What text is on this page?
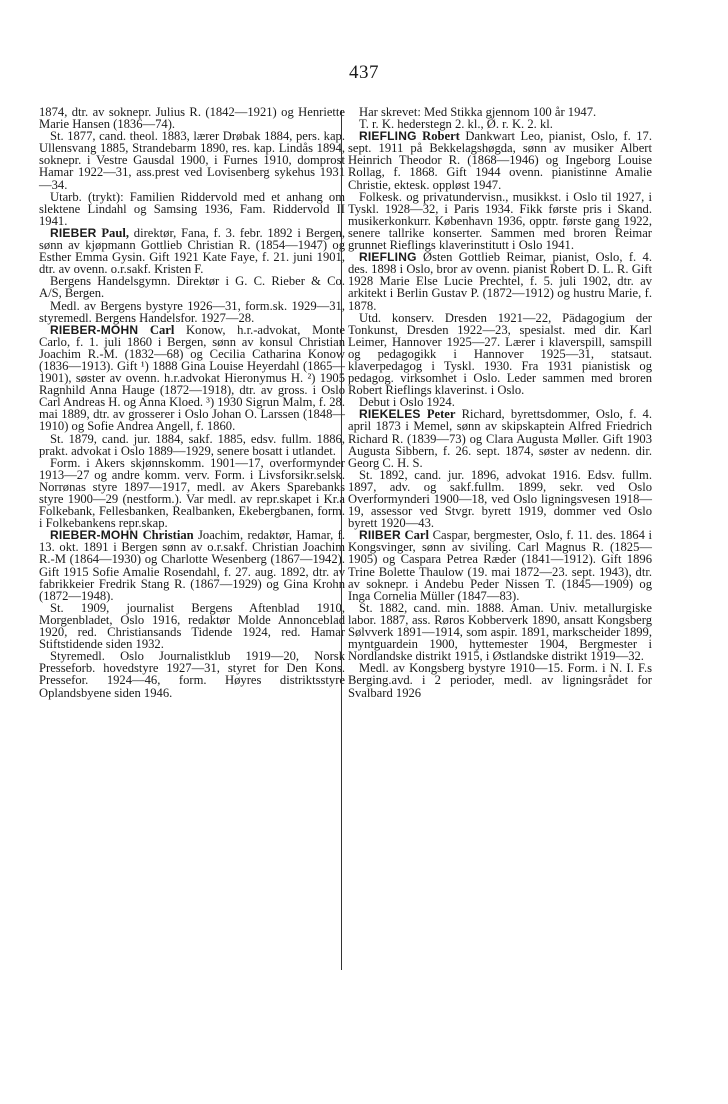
437

1874, dtr. av soknepr. Julius R. (1842—1921) og Henriette Marie Hansen (1836—74).

St. 1877, cand. theol. 1883, lærer Drøbak 1884, pers. kap. Ullensvang 1885, Strandebarm 1890, res. kap. Lindås 1894, soknepr. i Vestre Gausdal 1900, i Furnes 1910, domprost Hamar 1922—31, ass.prest ved Lovisenberg sykehus 1931—34.

Utarb. (trykt): Familien Riddervold med et anhang om slektene Lindahl og Samsing 1936, Fam. Riddervold II 1941.

RIEBER Paul, direktør, Fana, f. 3. febr. 1892 i Bergen, sønn av kjøpmann Gottlieb Christian R. (1854—1947) og Esther Emma Gysin. Gift 1921 Kate Faye, f. 21. juni 1901, dtr. av ovenn. o.r.sakf. Kristen F.

Bergens Handelsgymn. Direktør i G. C. Rieber & Co. A/S, Bergen.

Medl. av Bergens bystyre 1926—31, form.sk. 1929—31, styremedl. Bergens Handelsfor. 1927—28.

RIEBER-MOHN Carl Konow, h.r.-advokat, Monte Carlo, f. 1. juli 1860 i Bergen, sønn av konsul Christian Joachim R.-M. (1832—68) og Cecilia Catharina Konow (1836—1913). Gift ¹) 1888 Gina Louise Heyerdahl (1865—1901), søster av ovenn. h.r.advokat Hieronymus H. ²) 1905 Ragnhild Anna Hauge (1872—1918), dtr. av gross. i Oslo Carl Andreas H. og Anna Kloed. ³) 1930 Sigrun Malm, f. 28. mai 1889, dtr. av grosserer i Oslo Johan O. Larssen (1848—1910) og Sofie Andrea Angell, f. 1860.

St. 1879, cand. jur. 1884, sakf. 1885, edsv. fullm. 1886, prakt. advokat i Oslo 1889—1929, senere bosatt i utlandet.

Form. i Akers skjønnskomm. 1901—17, overformynder 1913—27 og andre komm. verv. Form. i Livsforsikr.selsk. Norrønas styre 1897—1917, medl. av Akers Sparebanks styre 1900—29 (nestform.). Var medl. av repr.skapet i Kr.a Folkebank, Fellesbanken, Realbanken, Ekebergbanen, form. i Folkebankens repr.skap.

RIEBER-MOHN Christian Joachim, redaktør, Hamar, f. 13. okt. 1891 i Bergen sønn av o.r.sakf. Christian Joachim R.-M (1864—1930) og Charlotte Wesenberg (1867—1942). Gift 1915 Sofie Amalie Rosendahl, f. 27. aug. 1892, dtr. av fabrikkeier Fredrik Stang R. (1867—1929) og Gina Krohn (1872—1948).

St. 1909, journalist Bergens Aftenblad 1910, Morgenbladet, Oslo 1916, redaktør Molde Annonceblad 1920, red. Christiansands Tidende 1924, red. Hamar Stiftstidende siden 1932.

Styremedl. Oslo Journalistklub 1919—20, Norsk Presseforb. hovedstyre 1927—31, styret for Den Kons. Pressefor. 1924—46, form. Høyres distriktsstyre Oplandsbyene siden 1946.

Har skrevet: Med Stikka gjennom 100 år 1947.

T. r. K. hederstegn 2. kl., Ø. r. K. 2. kl.

RIEFLING Robert Dankwart Leo, pianist, Oslo, f. 17. sept. 1911 på Bekkelagshøgda, sønn av musiker Albert Heinrich Theodor R. (1868—1946) og Ingeborg Louise Rollag, f. 1868. Gift 1944 ovenn. pianistinne Amalie Christie, ektesk. oppløst 1947.

Folkesk. og privatundervisn., musikkst. i Oslo til 1927, i Tyskl. 1928—32, i Paris 1934. Fikk første pris i Skand. musikerkonkurr. København 1936, opptr. første gang 1922, senere tallrike konserter. Sammen med broren Reimar grunnet Rieflings klaverinstitutt i Oslo 1941.

RIEFLING Østen Gottlieb Reimar, pianist, Oslo, f. 4. des. 1898 i Oslo, bror av ovenn. pianist Robert D. L. R. Gift 1928 Marie Else Lucie Prechtel, f. 5. juli 1902, dtr. av arkitekt i Berlin Gustav P. (1872—1912) og hustru Marie, f. 1878.

Utd. konserv. Dresden 1921—22, Pädagogium der Tonkunst, Dresden 1922—23, spesialst. med dir. Karl Leimer, Hannover 1925—27. Lærer i klaverspill, samspill og pedagogikk i Hannover 1925—31, statsaut. klaverpedagog i Tyskl. 1930. Fra 1931 pianistisk og pedagog. virksomhet i Oslo. Leder sammen med broren Robert Rieflings klaverinst. i Oslo.

Debut i Oslo 1924.

RIEKELES Peter Richard, byrettsdommer, Oslo, f. 4. april 1873 i Memel, sønn av skipskaptein Alfred Friedrich Richard R. (1839—73) og Clara Augusta Møller. Gift 1903 Augusta Sibbern, f. 26. sept. 1874, søster av nedenn. dir. Georg C. H. S.

St. 1892, cand. jur. 1896, advokat 1916. Edsv. fullm. 1897, adv. og sakf.fullm. 1899, sekr. ved Oslo Overformynderi 1900—18, ved Oslo ligningsvesen 1918—19, assessor ved Stvgr. byrett 1919, dommer ved Oslo byrett 1920—43.

RIIBER Carl Caspar, bergmester, Oslo, f. 11. des. 1864 i Kongsvinger, sønn av siviling. Carl Magnus R. (1825—1905) og Caspara Petrea Ræder (1841—1912). Gift 1896 Trine Bolette Thaulow (19. mai 1872—23. sept. 1943), dtr. av soknepr. i Andebu Peder Nissen T. (1845—1909) og Inga Cornelia Müller (1847—83).

St. 1882, cand. min. 1888. Aman. Univ. metallurgiske labor. 1887, ass. Røros Kobberverk 1890, ansatt Kongsberg Sølvverk 1891—1914, som aspir. 1891, markscheider 1899, myntguardein 1900, hyttemester 1904, Bergmester i Nordlandske distrikt 1915, i Østlandske distrikt 1919—32.

Medl. av Kongsberg bystyre 1910—15. Form. i N. I. F.s Berging.avd. i 2 perioder, medl. av ligningsrådet for Svalbard 1926
